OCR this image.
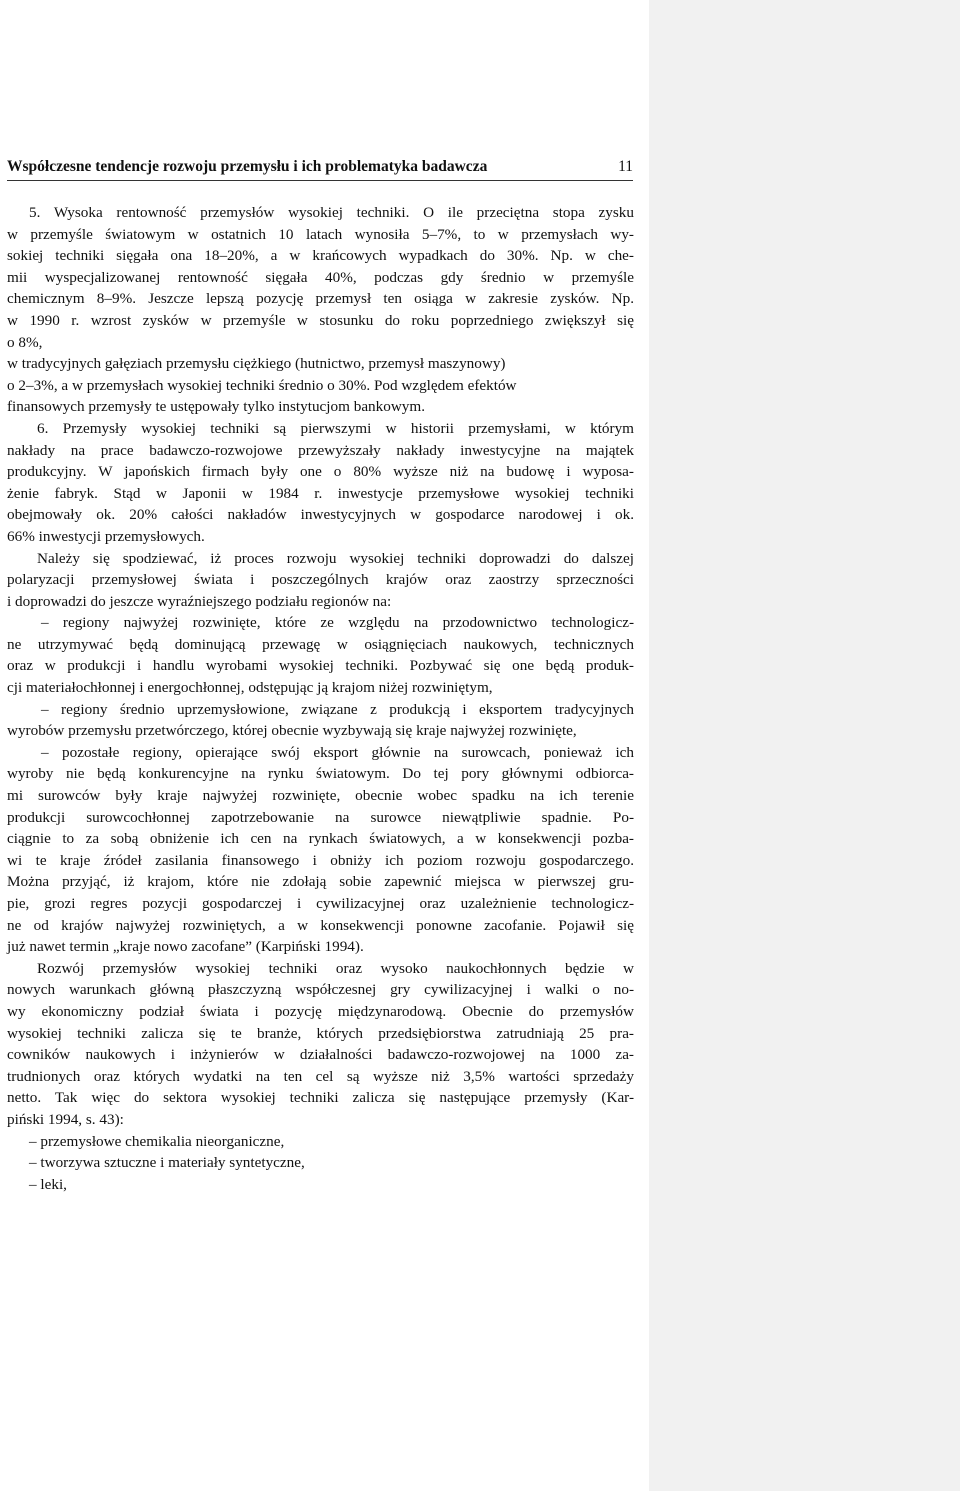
Współczesne tendencje rozwoju przemysłu i ich problematyka badawcza	11

5. Wysoka rentowność przemysłów wysokiej techniki. O ile przeciętna stopa zysku

w przemyśle światowym w ostatnich 10 latach wynosiła 5–7%, to w przemysłach wy-

sokiej techniki sięgała ona 18–20%, a w krańcowych wypadkach do 30%. Np. w che-

mii wyspecjalizowanej rentowność sięgała 40%, podczas gdy średnio w przemyśle

chemicznym 8–9%. Jeszcze lepszą pozycję przemysł ten osiąga w zakresie zysków. Np.

w 1990 r. wzrost zysków w przemyśle w stosunku do roku poprzedniego zwiększył się

o 8%,

w tradycyjnych gałęziach przemysłu ciężkiego (hutnictwo, przemysł maszynowy)

o 2–3%, a w przemysłach wysokiej techniki średnio o 30%. Pod względem efektów

finansowych przemysły te ustępowały tylko instytucjom bankowym.

6. Przemysły wysokiej techniki są pierwszymi w historii przemysłami, w którym

nakłady na prace badawczo-rozwojowe przewyższały nakłady inwestycyjne na majątek

produkcyjny. W japońskich firmach były one o 80% wyższe niż na budowę i wyposa-

żenie fabryk. Stąd w Japonii w 1984 r. inwestycje przemysłowe wysokiej techniki

obejmowały ok. 20% całości nakładów inwestycyjnych w gospodarce narodowej i ok.

66% inwestycji przemysłowych.

Należy się spodziewać, iż proces rozwoju wysokiej techniki doprowadzi do dalszej

polaryzacji przemysłowej świata i poszczególnych krajów oraz zaostrzy sprzeczności

i doprowadzi do jeszcze wyraźniejszego podziału regionów na:

– regiony najwyżej rozwinięte, które ze względu na przodownictwo technologicz-

ne utrzymywać będą dominującą przewagę w osiągnięciach naukowych, technicznych

oraz w produkcji i handlu wyrobami wysokiej techniki. Pozbywać się one będą produk-

cji materiałochłonnej i energochłonnej, odstępując ją krajom niżej rozwiniętym,

– regiony średnio uprzemysłowione, związane z produkcją i eksportem tradycyjnych

wyrobów przemysłu przetwórczego, której obecnie wyzbywają się kraje najwyżej rozwinięte,

– pozostałe regiony, opierające swój eksport głównie na surowcach, ponieważ ich

wyroby nie będą konkurencyjne na rynku światowym. Do tej pory głównymi odbiorca-

mi surowców były kraje najwyżej rozwinięte, obecnie wobec spadku na ich terenie

produkcji surowcochłonnej zapotrzebowanie na surowce niewątpliwie spadnie. Po-

ciągnie to za sobą obniżenie ich cen na rynkach światowych, a w konsekwencji pozba-

wi te kraje źródeł zasilania finansowego i obniży ich poziom rozwoju gospodarczego.

Można przyjąć, iż krajom, które nie zdołają sobie zapewnić miejsca w pierwszej gru-

pie, grozi regres pozycji gospodarczej i cywilizacyjnej oraz uzależnienie technologicz-

ne od krajów najwyżej rozwiniętych, a w konsekwencji ponowne zacofanie. Pojawił się

już nawet termin „kraje nowo zacofane” (Karpiński 1994).

Rozwój przemysłów wysokiej techniki oraz wysoko naukochłonnych będzie w

nowych warunkach główną płaszczyzną współczesnej gry cywilizacyjnej i walki o no-

wy ekonomiczny podział świata i pozycję międzynarodową. Obecnie do przemysłów

wysokiej techniki zalicza się te branże, których przedsiębiorstwa zatrudniają 25 pra-

cowników naukowych i inżynierów w działalności badawczo-rozwojowej na 1000 za-

trudnionych oraz których wydatki na ten cel są wyższe niż 3,5% wartości sprzedaży

netto. Tak więc do sektora wysokiej techniki zalicza się następujące przemysły (Kar-

piński 1994, s. 43):

– przemysłowe chemikalia nieorganiczne,

– tworzywa sztuczne i materiały syntetyczne,

– leki,
